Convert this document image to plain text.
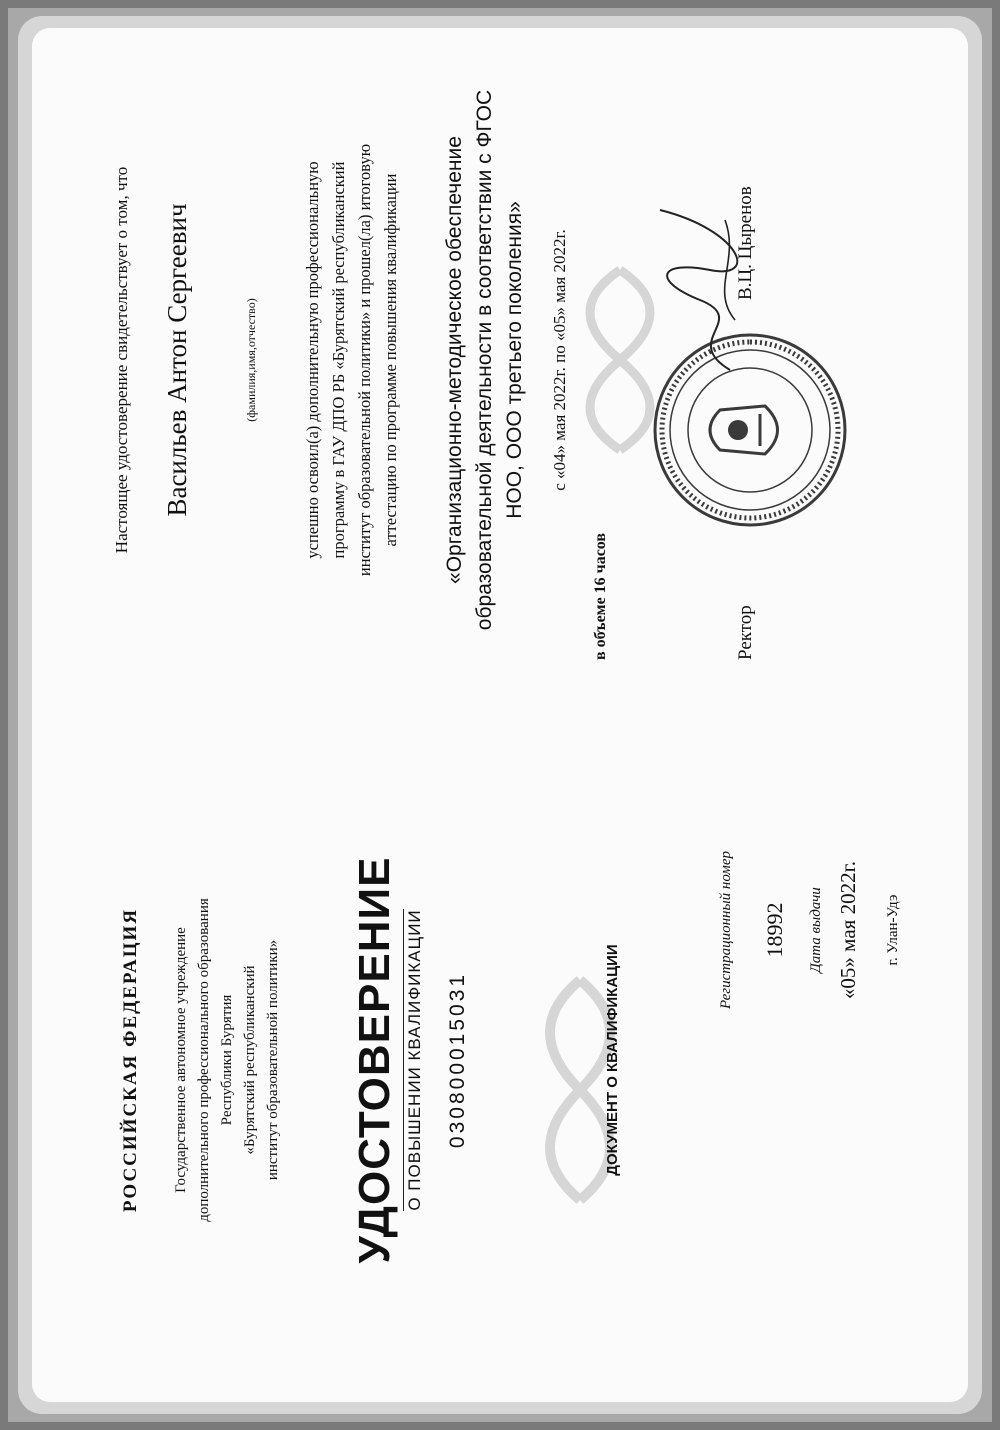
РОССИЙСКАЯ ФЕДЕРАЦИЯ Государственное автономное учреждение дополнительного профессионального образования Республики Бурятия «Бурятский республиканский институт образовательной политики» УДОСТОВЕРЕНИЕ О ПОВЫШЕНИИ КВАЛИФИКАЦИИ 030800015031	ДОКУМЕНТ О КВАЛИФИКАЦИИ
Регистрационный номер 18992 Дата выдачи «05» мая 2022г. г. Улан-Удэ
Настоящее удостоверение свидетельствует о том, что Васильев Антон Сергеевич	(фамилия,имя,отчество)	успешно освоил(а) дополнительную профессиональную программу в ГАУ ДПО РБ «Бурятский республиканский институт образовательной политики» и прошел(ла) итоговую аттестацию по программе повышения квалификации «Организационно-методическое обеспечение образовательной деятельности в соответствии с ФГОС НОО, ООО третьего поколения» с «04» мая 2022г. по «05» мая 2022г.
в объеме 16 часов	Ректор
В.Ц. Цыренов
